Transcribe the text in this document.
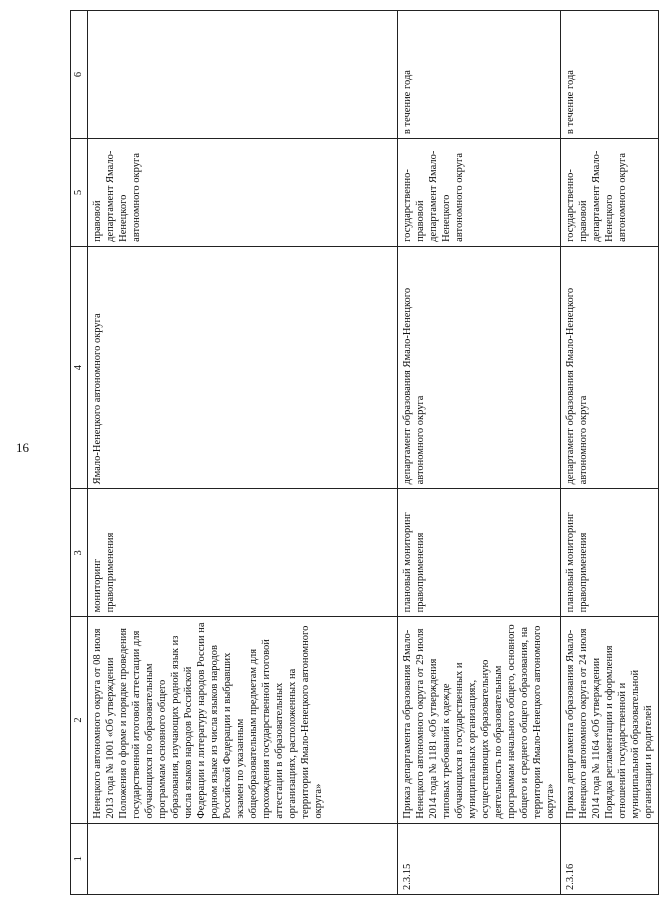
16
1	2	3	4	5	6
	Ненецкого автономного округа от 08 июля 2013 года № 1001 «Об утверждении Положения о форме и порядке проведения государственной итоговой аттестации для обучающихся по образовательным программам основного общего образования, изучающих родной язык из числа языков народов Российской Федерации и литературу народов России на родном языке из числа языков народов Российской Федерации и выбравших экзамен по указанным общеобразовательным предметам для прохождения государственной итоговой аттестации в образовательных организациях, расположенных на территории Ямало-Ненецкого автономного округа»	мониторинг правоприменения	Ямало-Ненецкого автономного округа	правовой департамент Ямало-Ненецкого автономного округа	
2.3.15	Приказ департамента образования Ямало-Ненецкого автономного округа от 29 июля 2014 года № 1181 «Об утверждения типовых требований к одежде обучающихся в государственных и муниципальных организациях, осуществляющих образовательную деятельность по образовательным программам начального общего, основного общего и среднего общего образования, на территории Ямало-Ненецкого автономного округа»	плановый мониторинг правоприменения	департамент образования Ямало-Ненецкого автономного округа	государственно-правовой департамент Ямало-Ненецкого автономного округа	в течение года
2.3.16	Приказ департамента образования Ямало-Ненецкого автономного округа от 24 июля 2014 года № 1164 «Об утверждении Порядка регламентации и оформления отношений государственной и муниципальной образовательной организации и родителей	плановый мониторинг правоприменения	департамент образования Ямало-Ненецкого автономного округа	государственно-правовой департамент Ямало-Ненецкого автономного округа	в течение года
